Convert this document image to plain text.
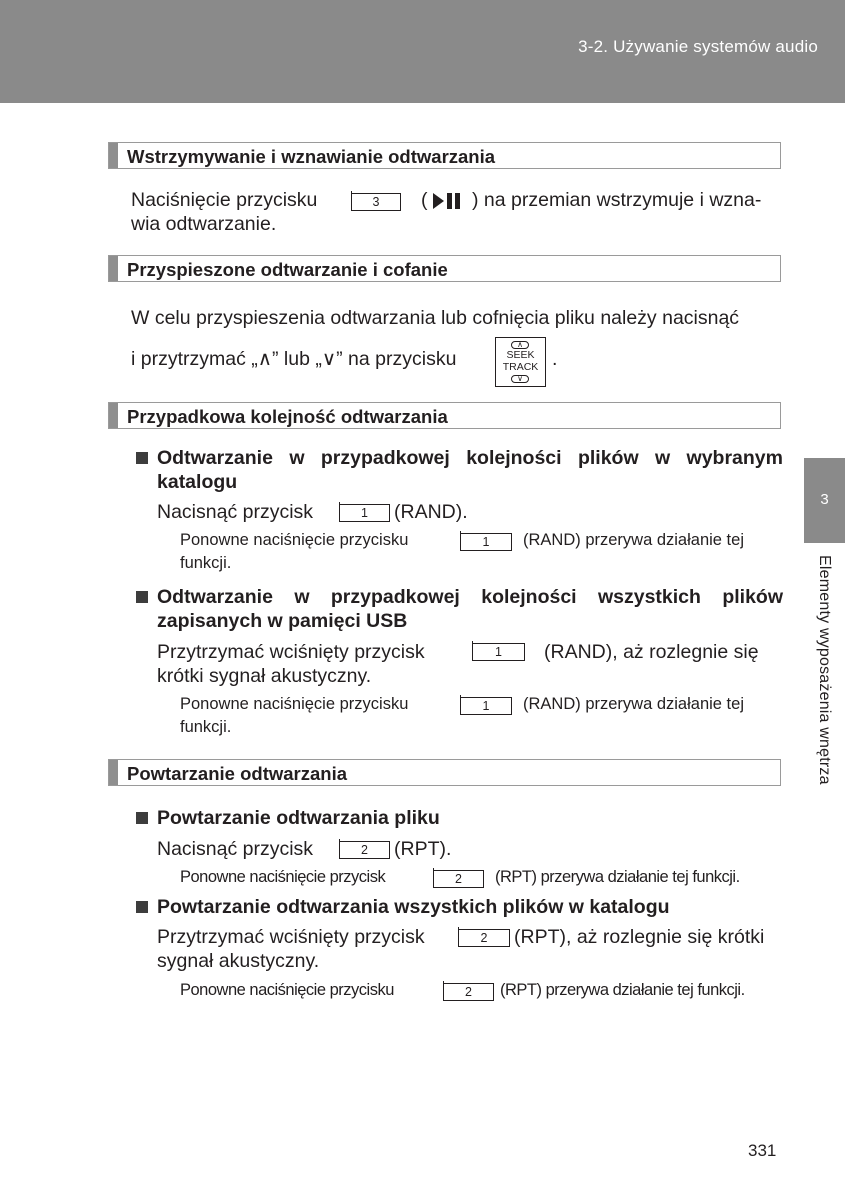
3-2. Używanie systemów audio
3
Elementy wyposażenia wnętrza
Wstrzymywanie i wznawianie odtwarzania
Naciśnięcie przycisku	3	( ) na przemian wstrzymuje i wzna-
wia odtwarzanie.
Przyspieszone odtwarzanie i cofanie
W celu przyspieszenia odtwarzania lub cofnięcia pliku należy nacisnąć
i przytrzymać „∧” lub „∨” na przycisku
∧
SEEK
TRACK
∨
.
Przypadkowa kolejność odtwarzania
Odtwarzanie w przypadkowej kolejności plików w wybranym
katalogu
Nacisnąć przycisk	1	(RAND).
Ponowne naciśnięcie przycisku	1	(RAND) przerywa działanie tej
funkcji.
Odtwarzanie w przypadkowej kolejności wszystkich plików
zapisanych w pamięci USB
Przytrzymać wciśnięty przycisk	1	(RAND), aż rozlegnie się
krótki sygnał akustyczny.
Ponowne naciśnięcie przycisku	1	(RAND) przerywa działanie tej
funkcji.
Powtarzanie odtwarzania
Powtarzanie odtwarzania pliku
Nacisnąć przycisk	2	(RPT).
Ponowne naciśnięcie przycisk	2	(RPT) przerywa działanie tej funkcji.
Powtarzanie odtwarzania wszystkich plików w katalogu
Przytrzymać wciśnięty przycisk	2	(RPT), aż rozlegnie się krótki
sygnał akustyczny.
Ponowne naciśnięcie przycisku	2	(RPT) przerywa działanie tej funkcji.
331
